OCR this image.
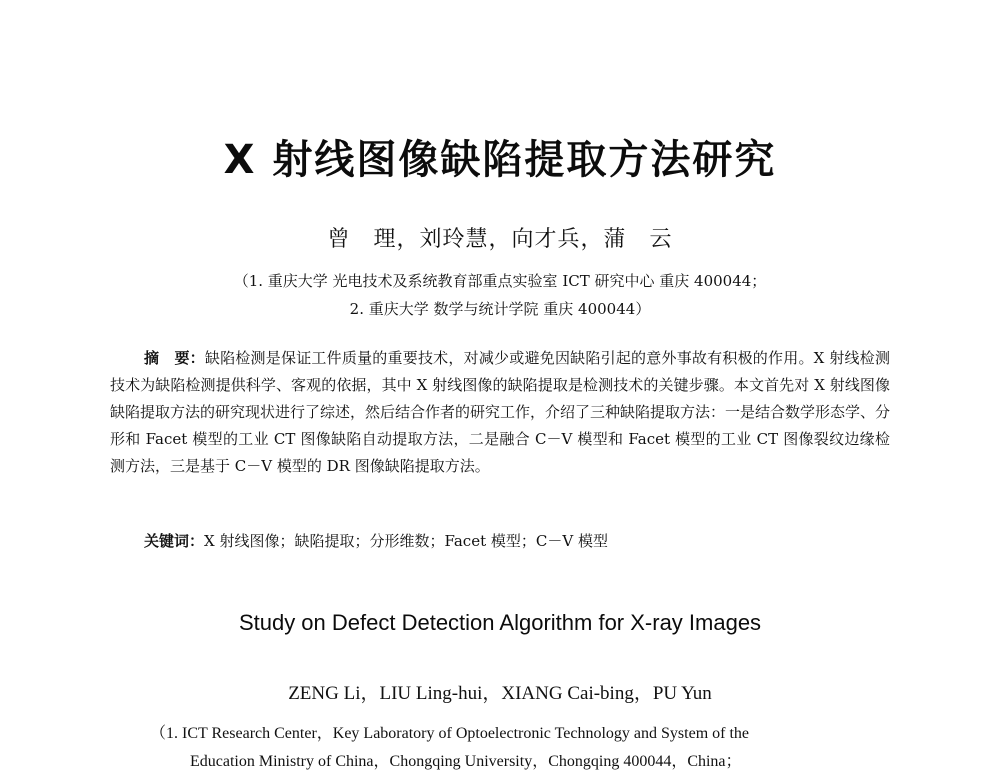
X 射线图像缺陷提取方法研究
曾　理，刘玲慧，向才兵，蒲　云
（1. 重庆大学 光电技术及系统教育部重点实验室 ICT 研究中心 重庆 400044；
2. 重庆大学 数学与统计学院 重庆 400044）
摘　要：缺陷检测是保证工件质量的重要技术，对减少或避免因缺陷引起的意外事故有积极的作用。X 射线检测技术为缺陷检测提供科学、客观的依据，其中 X 射线图像的缺陷提取是检测技术的关键步骤。本文首先对 X 射线图像缺陷提取方法的研究现状进行了综述，然后结合作者的研究工作，介绍了三种缺陷提取方法：一是结合数学形态学、分形和 Facet 模型的工业 CT 图像缺陷自动提取方法，二是融合 C－V 模型和 Facet 模型的工业 CT 图像裂纹边缘检测方法，三是基于 C－V 模型的 DR 图像缺陷提取方法。
关键词：X 射线图像；缺陷提取；分形维数；Facet 模型；C－V 模型
Study on Defect Detection Algorithm for X-ray Images
ZENG Li，LIU Ling-hui，XIANG Cai-bing，PU Yun
（1. ICT Research Center，Key Laboratory of Optoelectronic Technology and System of the
Education Ministry of China，Chongqing University，Chongqing 400044，China；
